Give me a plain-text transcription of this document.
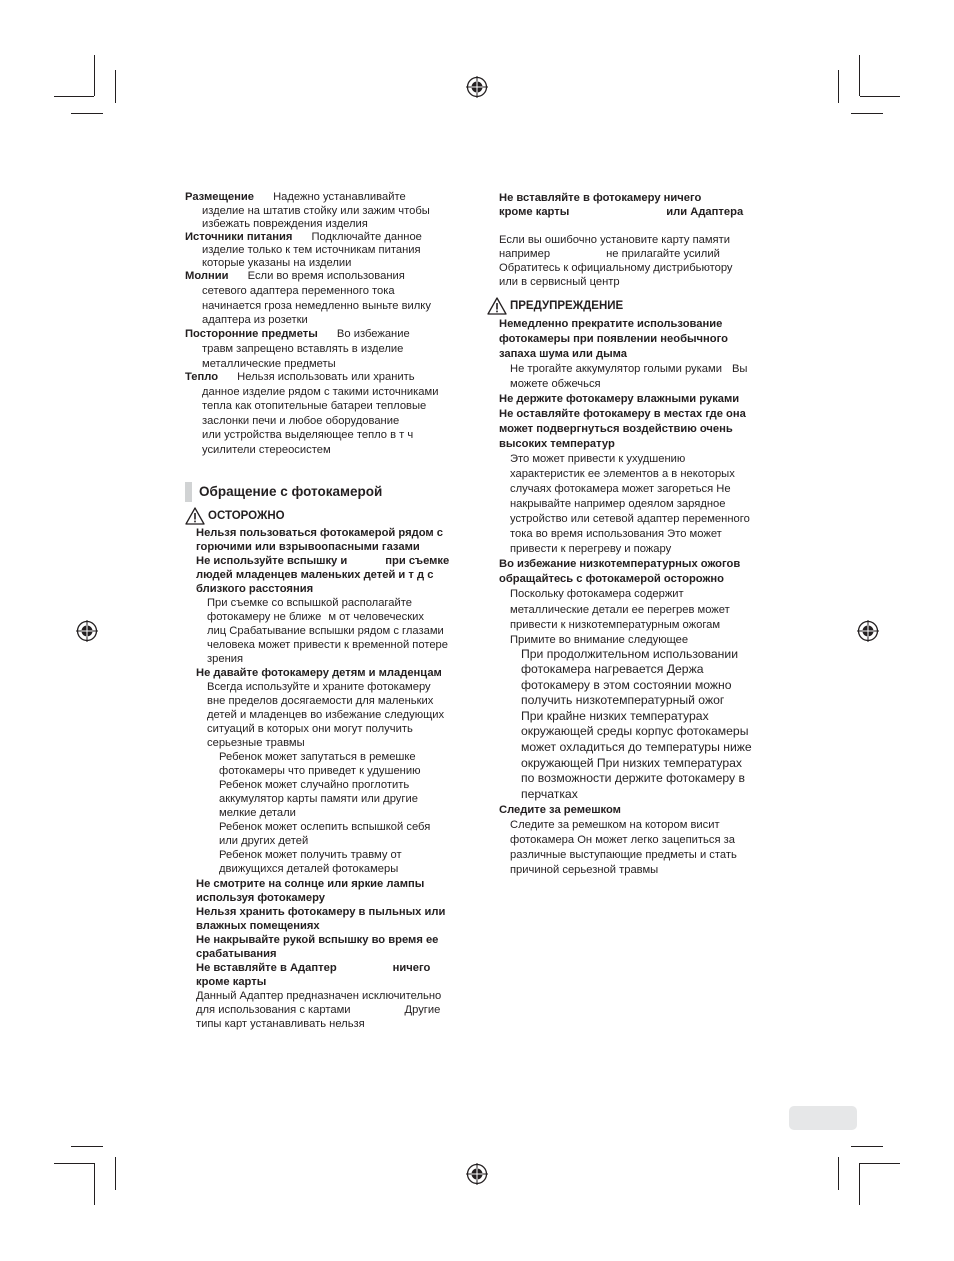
Размещение Надежно устанавливайте
изделие на штатив стойку или зажим чтобы
избежать повреждения изделия
Источники питания Подключайте данное
изделие только к тем источникам питания
которые указаны на изделии
Молнии Если во время использования
сетевого адаптера переменного тока
начинается гроза немедленно выньте вилку
адаптера из розетки
Посторонние предметы Во избежание
травм запрещено вставлять в изделие
металлические предметы
Тепло Нельзя использовать или хранить
данное изделие рядом с такими источниками
тепла как отопительные батареи тепловые
заслонки печи и любое оборудование
или устройства выделяющее тепло в т ч
усилители стереосистем
Обращение с фотокамерой
ОСТОРОЖНО
Нельзя пользоваться фотокамерой рядом с
горючими или взрывоопасными газами
Не используйте вспышку и	при съемке
людей младенцев маленьких детей и т д с
близкого расстояния
При съемке со вспышкой располагайте
фотокамеру не ближе м от человеческих
лиц Срабатывание вспышки рядом с глазами
человека может привести к временной потере
зрения
Не давайте фотокамеру детям и младенцам
Всегда используйте и храните фотокамеру
вне пределов досягаемости для маленьких
детей и младенцев во избежание следующих
ситуаций в которых они могут получить
серьезные травмы
Ребенок может запутаться в ремешке
фотокамеры что приведет к удушению
Ребенок может случайно проглотить
аккумулятор карты памяти или другие
мелкие детали
Ребенок может ослепить вспышкой себя
или других детей
Ребенок может получить травму от
движущихся деталей фотокамеры
Не смотрите на солнце или яркие лампы
используя фотокамеру
Нельзя хранить фотокамеру в пыльных или
влажных помещениях
Не накрывайте рукой вспышку во время ее
срабатывания
Не вставляйте в Адаптер	ничего
кроме карты
Данный Адаптер предназначен исключительно
для использования с картами	Другие
типы карт устанавливать нельзя
Не вставляйте в фотокамеру ничего
кроме карты	или Адаптера
Если вы ошибочно установите карту памяти
например	не прилагайте усилий
Обратитесь к официальному дистрибьютору
или в сервисный центр
ПРЕДУПРЕЖДЕНИЕ
Немедленно прекратите использование
фотокамеры при появлении необычного
запаха шума или дыма
Не трогайте аккумулятор голыми руками Вы
можете обжечься
Не держите фотокамеру влажными руками
Не оставляйте фотокамеру в местах где она
может подвергнуться воздействию очень
высоких температур
Это может привести к ухудшению
характеристик ее элементов а в некоторых
случаях фотокамера может загореться Не
накрывайте например одеялом зарядное
устройство или сетевой адаптер переменного
тока во время использования Это может
привести к перегреву и пожару
Во избежание низкотемпературных ожогов
обращайтесь с фотокамерой осторожно
Поскольку фотокамера содержит
металлические детали ее перегрев может
привести к низкотемпературным ожогам
Примите во внимание следующее
При продолжительном использовании
фотокамера нагревается Держа
фотокамеру в этом состоянии можно
получить низкотемпературный ожог
При крайне низких температурах
окружающей среды корпус фотокамеры
может охладиться до температуры ниже
окружающей При низких температурах
по возможности держите фотокамеру в
перчатках
Следите за ремешком
Следите за ремешком на котором висит
фотокамера Он может легко зацепиться за
различные выступающие предметы и стать
причиной серьезной травмы
